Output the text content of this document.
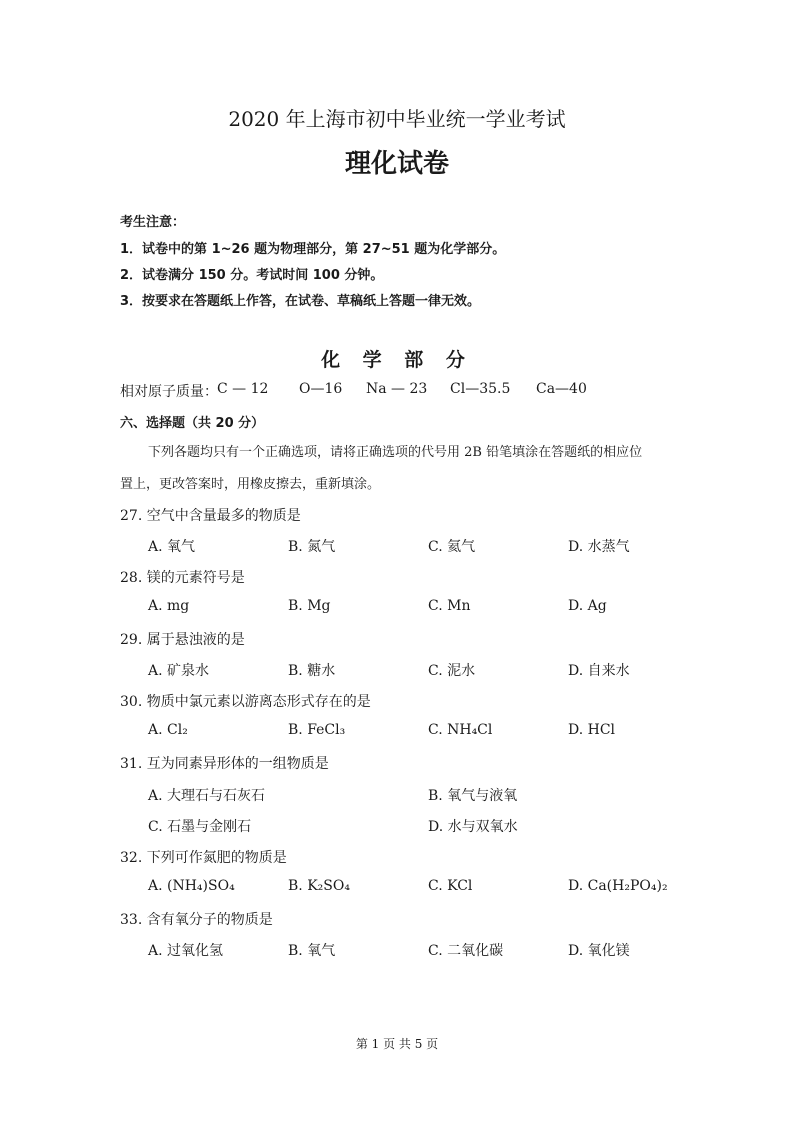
2020 年上海市初中毕业统一学业考试
理化试卷
考生注意：
1．试卷中的第 1~26 题为物理部分，第 27~51 题为化学部分。
2．试卷满分 150 分。考试时间 100 分钟。
3．按要求在答题纸上作答，在试卷、草稿纸上答题一律无效。
化 学 部 分
相对原子质量： C — 12 O—16 Na — 23 Cl—35.5 Ca—40
六、选择题（共 20 分）
下列各题均只有一个正确选项，请将正确选项的代号用 2B 铅笔填涂在答题纸的相应位
置上，更改答案时，用橡皮擦去，重新填涂。
27. 空气中含量最多的物质是
A. 氧气	B. 氮气	C. 氦气	D. 水蒸气
28. 镁的元素符号是
A. mg	B. Mg	C. Mn	D. Ag
29. 属于悬浊液的是
A. 矿泉水	B. 糖水	C. 泥水	D. 自来水
30. 物质中氯元素以游离态形式存在的是
A. Cl₂	B. FeCl₃	C. NH₄Cl	D. HCl
31. 互为同素异形体的一组物质是
A. 大理石与石灰石	B. 氧气与液氧
C. 石墨与金刚石	D. 水与双氧水
32. 下列可作氮肥的物质是
A. (NH₄)SO₄	B. K₂SO₄	C. KCl	D. Ca(H₂PO₄)₂
33. 含有氧分子的物质是
A. 过氧化氢	B. 氧气	C. 二氧化碳	D. 氧化镁
第 1 页 共 5 页
